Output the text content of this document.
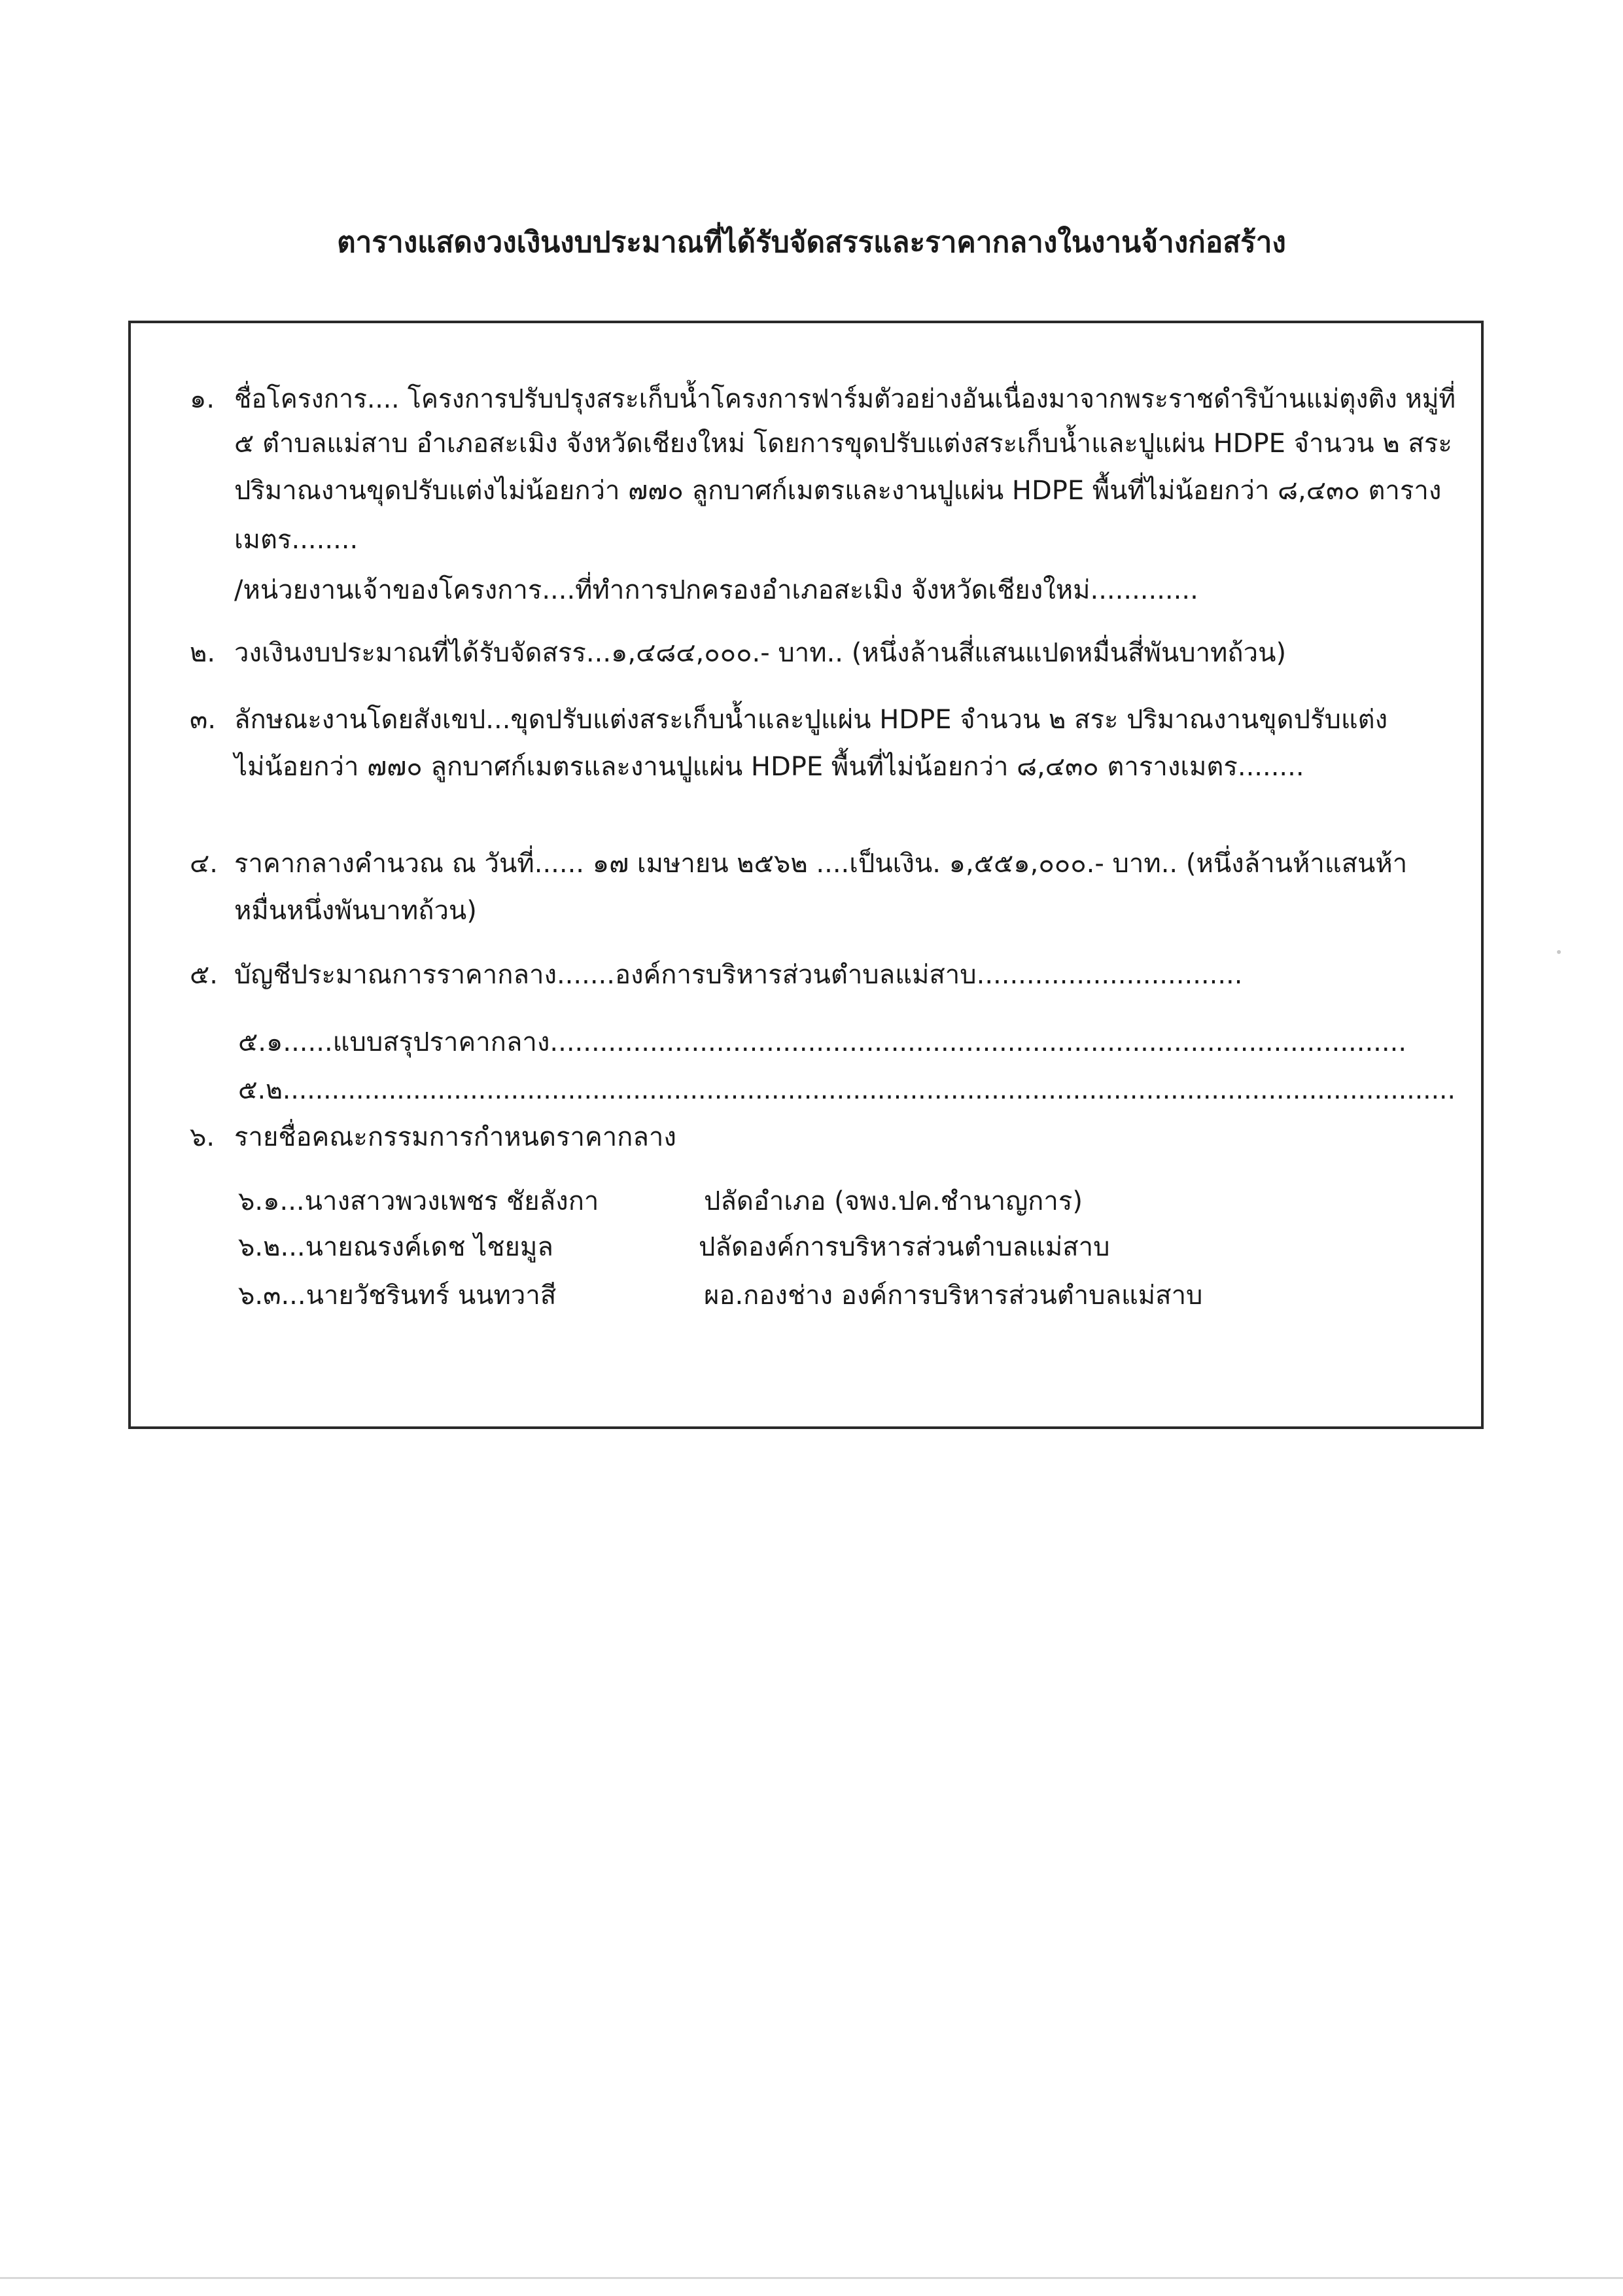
ตารางแสดงวงเงินงบประมาณที่ได้รับจัดสรรและราคากลางในงานจ้างก่อสร้าง
๑. ชื่อโครงการ.... โครงการปรับปรุงสระเก็บน้ำโครงการฟาร์มตัวอย่างอันเนื่องมาจากพระราชดำริบ้านแม่ตุงติง หมู่ที่
๕ ตำบลแม่สาบ อำเภอสะเมิง จังหวัดเชียงใหม่ โดยการขุดปรับแต่งสระเก็บน้ำและปูแผ่น HDPE จำนวน ๒ สระ
ปริมาณงานขุดปรับแต่งไม่น้อยกว่า ๗๗๐ ลูกบาศก์เมตรและงานปูแผ่น HDPE พื้นที่ไม่น้อยกว่า ๘,๔๓๐ ตาราง
เมตร........
/หน่วยงานเจ้าของโครงการ....ที่ทำการปกครองอำเภอสะเมิง จังหวัดเชียงใหม่.............
๒. วงเงินงบประมาณที่ได้รับจัดสรร...๑,๔๘๔,๐๐๐.- บาท.. (หนึ่งล้านสี่แสนแปดหมื่นสี่พันบาทถ้วน)
๓. ลักษณะงานโดยสังเขป...ขุดปรับแต่งสระเก็บน้ำและปูแผ่น HDPE จำนวน ๒ สระ ปริมาณงานขุดปรับแต่ง
ไม่น้อยกว่า ๗๗๐ ลูกบาศก์เมตรและงานปูแผ่น HDPE พื้นที่ไม่น้อยกว่า ๘,๔๓๐ ตารางเมตร........
๔. ราคากลางคำนวณ ณ วันที่...... ๑๗ เมษายน ๒๕๖๒ ....เป็นเงิน. ๑,๕๕๑,๐๐๐.- บาท.. (หนึ่งล้านห้าแสนห้า
หมื่นหนึ่งพันบาทถ้วน)
๕. บัญชีประมาณการราคากลาง.......องค์การบริหารส่วนตำบลแม่สาบ................................
๕.๑......แบบสรุปราคากลาง.......................................................................................................
๕.๒................................................................................................................................................
๖. รายชื่อคณะกรรมการกำหนดราคากลาง
๖.๑...นางสาวพวงเพชร ชัยลังกา	ปลัดอำเภอ (จพง.ปค.ชำนาญการ)
๖.๒...นายณรงค์เดช ไชยมูล	ปลัดองค์การบริหารส่วนตำบลแม่สาบ
๖.๓...นายวัชรินทร์ นนทวาสี	ผอ.กองช่าง องค์การบริหารส่วนตำบลแม่สาบ
